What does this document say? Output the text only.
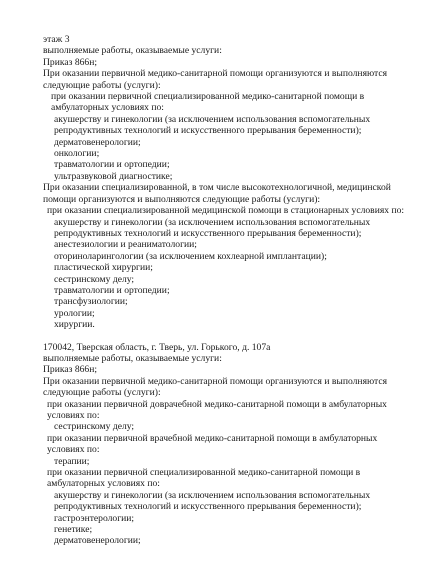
этаж 3
выполняемые работы, оказываемые услуги:
Приказ 866н;
При оказании первичной медико-санитарной помощи организуются и выполняются следующие работы (услуги):
при оказании первичной специализированной медико-санитарной помощи в амбулаторных условиях по:
акушерству и гинекологии (за исключением использования вспомогательных репродуктивных технологий и искусственного прерывания беременности);
дерматовенерологии;
онкологии;
травматологии и ортопедии;
ультразвуковой диагностике;
При оказании специализированной, в том числе высокотехнологичной, медицинской помощи организуются и выполняются следующие работы (услуги):
при оказании специализированной медицинской помощи в стационарных условиях по:
акушерству и гинекологии (за исключением использования вспомогательных репродуктивных технологий и искусственного прерывания беременности);
анестезиологии и реаниматологии;
оториноларингологии (за исключением кохлеарной имплантации);
пластической хирургии;
сестринскому делу;
травматологии и ортопедии;
трансфузиологии;
урологии;
хирургии.
170042, Тверская область, г. Тверь, ул. Горького, д. 107а
выполняемые работы, оказываемые услуги:
Приказ 866н;
При оказании первичной медико-санитарной помощи организуются и выполняются следующие работы (услуги):
при оказании первичной доврачебной медико-санитарной помощи в амбулаторных условиях по:
сестринскому делу;
при оказании первичной врачебной медико-санитарной помощи в амбулаторных условиях по:
терапии;
при оказании первичной специализированной медико-санитарной помощи в амбулаторных условиях по:
акушерству и гинекологии (за исключением использования вспомогательных репродуктивных технологий и искусственного прерывания беременности);
гастроэнтерологии;
генетике;
дерматовенерологии;
